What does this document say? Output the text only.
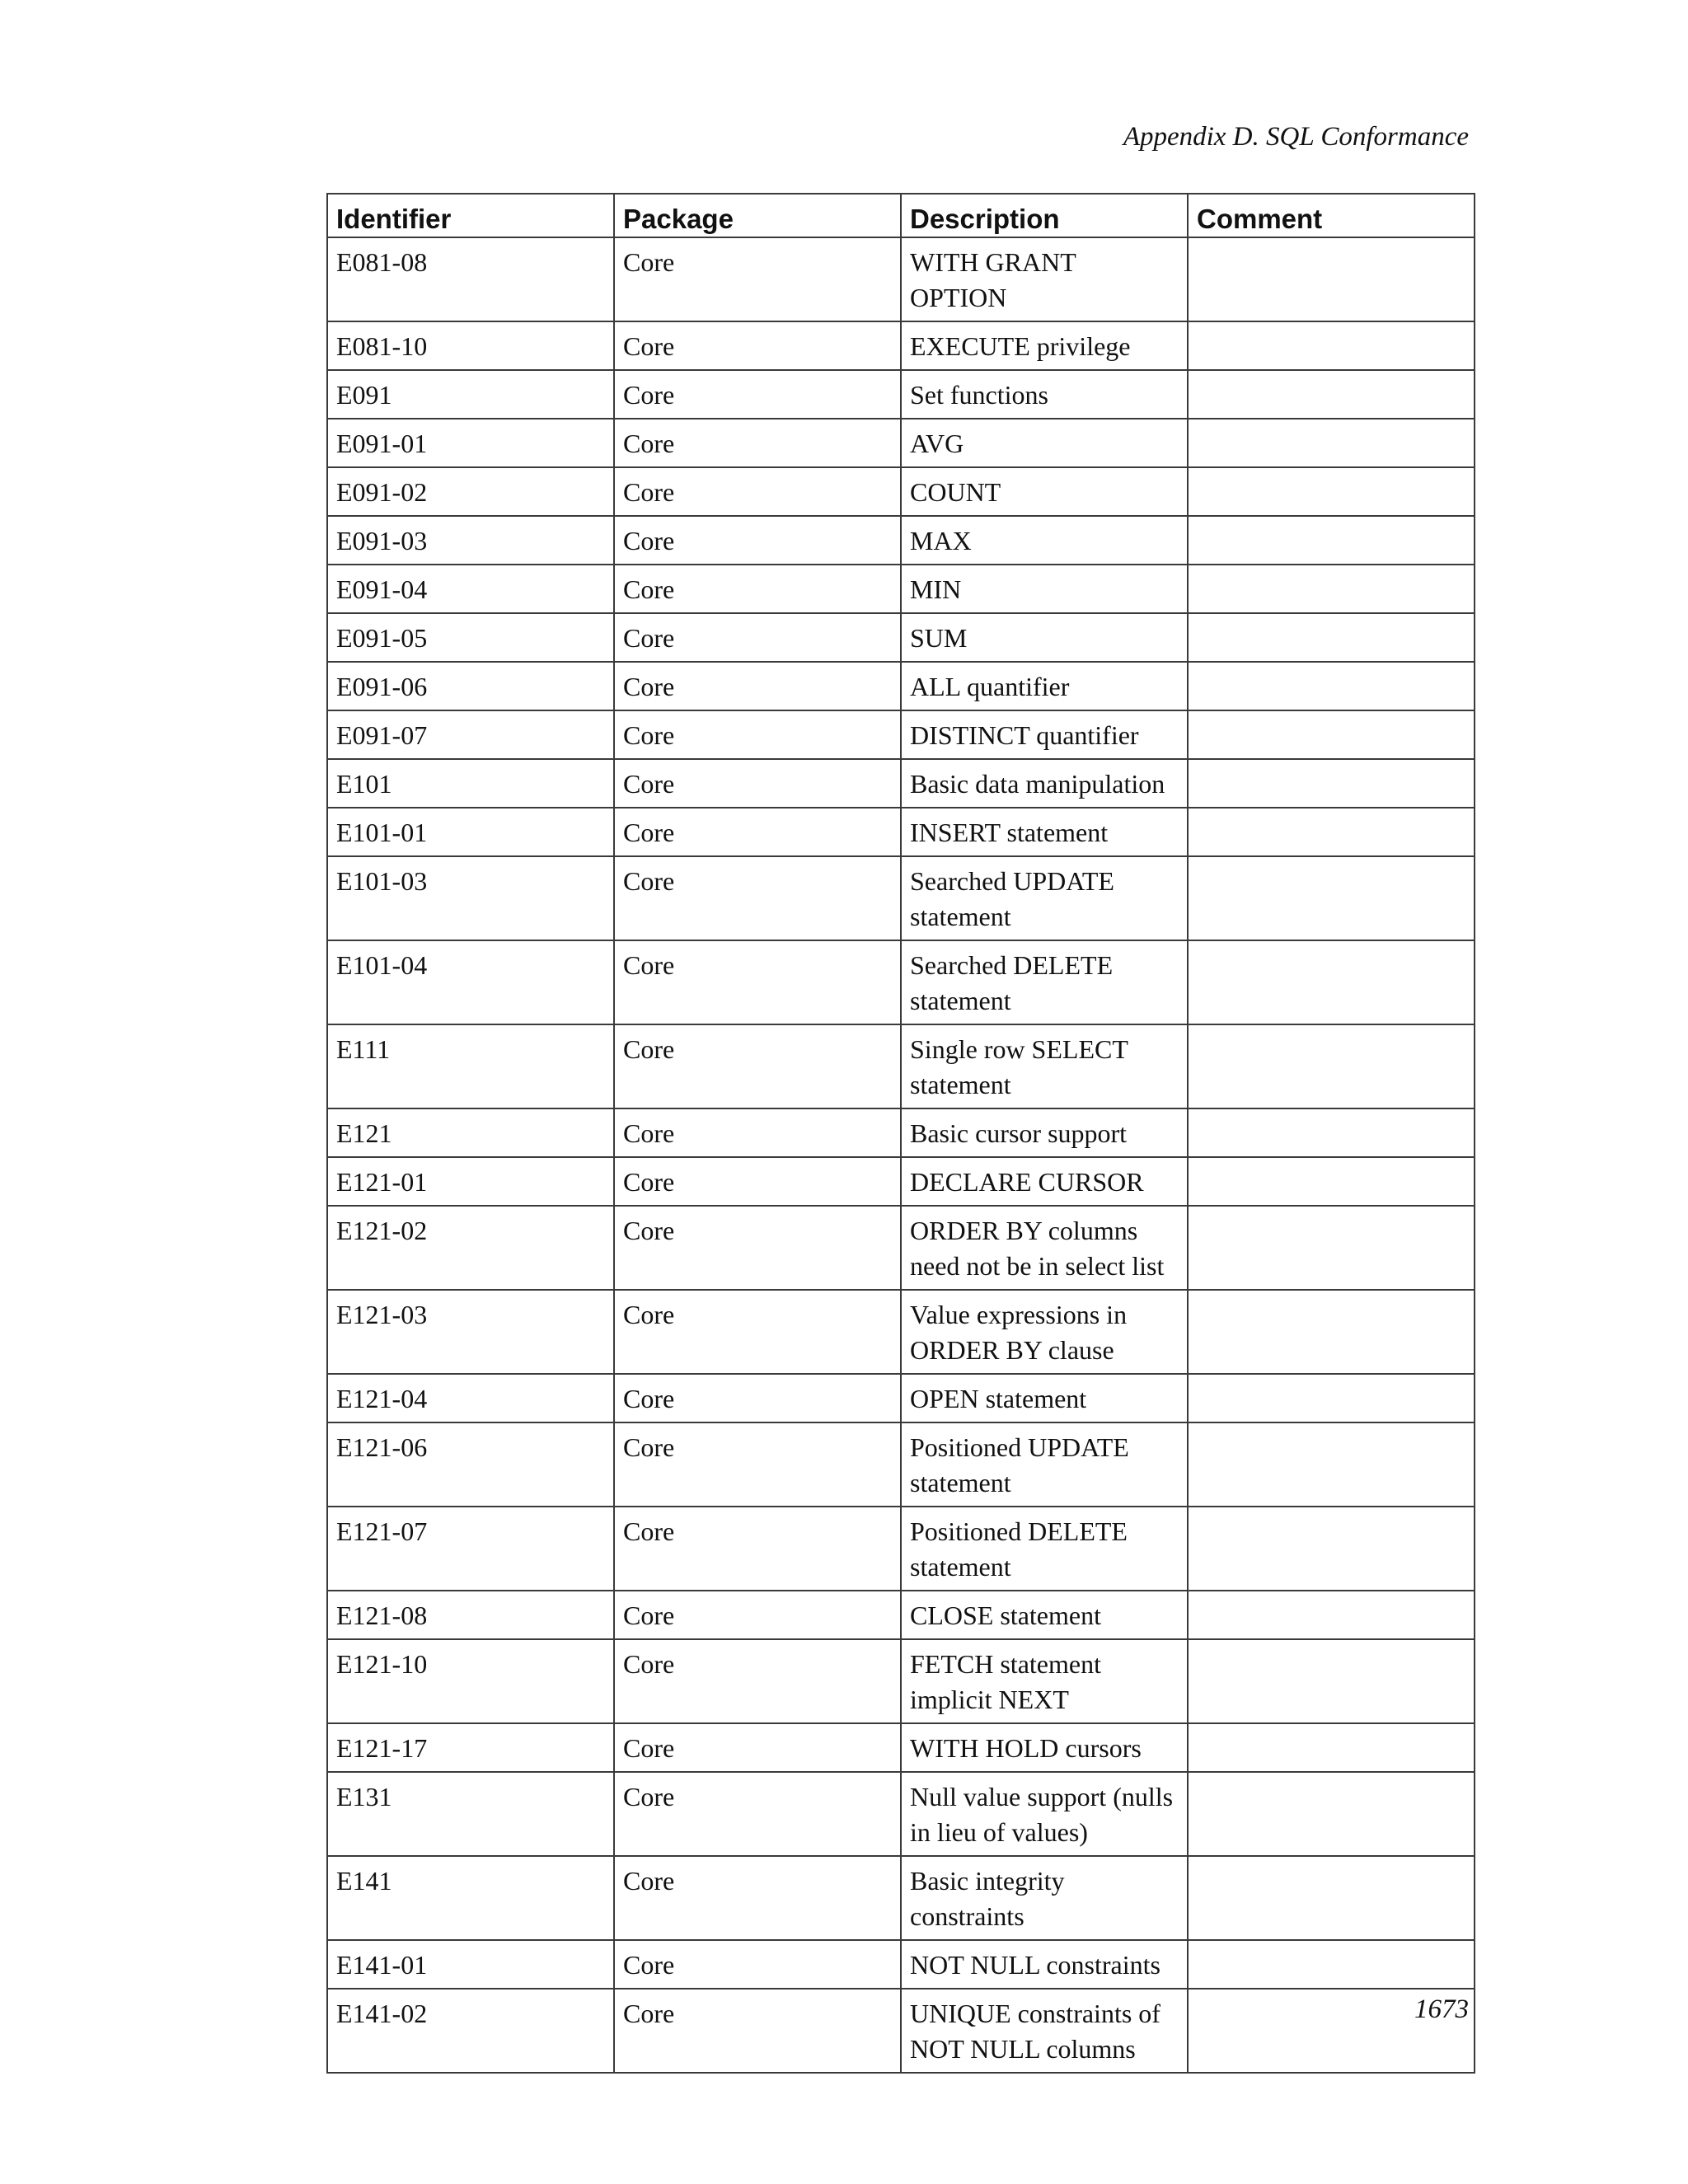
Appendix D. SQL Conformance
Identifier	Package	Description	Comment
E081-08	Core	WITH GRANT OPTION	
E081-10	Core	EXECUTE privilege	
E091	Core	Set functions	
E091-01	Core	AVG	
E091-02	Core	COUNT	
E091-03	Core	MAX	
E091-04	Core	MIN	
E091-05	Core	SUM	
E091-06	Core	ALL quantifier	
E091-07	Core	DISTINCT quantifier	
E101	Core	Basic data manipulation	
E101-01	Core	INSERT statement	
E101-03	Core	Searched UPDATE statement	
E101-04	Core	Searched DELETE statement	
E111	Core	Single row SELECT statement	
E121	Core	Basic cursor support	
E121-01	Core	DECLARE CURSOR	
E121-02	Core	ORDER BY columns need not be in select list	
E121-03	Core	Value expressions in ORDER BY clause	
E121-04	Core	OPEN statement	
E121-06	Core	Positioned UPDATE statement	
E121-07	Core	Positioned DELETE statement	
E121-08	Core	CLOSE statement	
E121-10	Core	FETCH statement implicit NEXT	
E121-17	Core	WITH HOLD cursors	
E131	Core	Null value support (nulls in lieu of values)	
E141	Core	Basic integrity constraints	
E141-01	Core	NOT NULL constraints	
E141-02	Core	UNIQUE constraints of NOT NULL columns	
1673
